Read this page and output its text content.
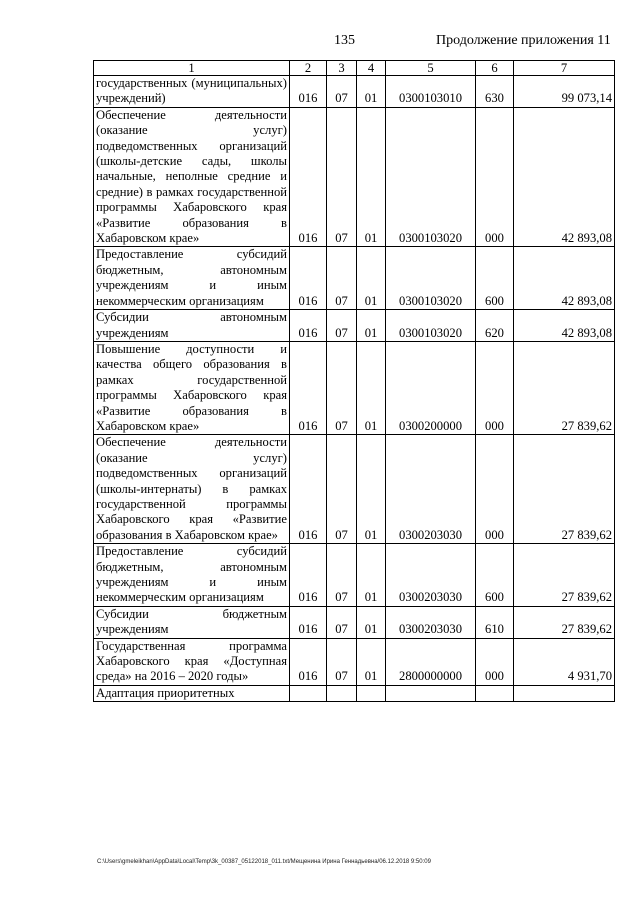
135	Продолжение приложения 11
1	2	3	4	5	6	7
государственных (муниципальных) учреждений)	016	07	01	0300103010	630	99 073,14
Обеспечение деятельности (оказание услуг) подведомственных организаций (школы-детские сады, школы начальные, неполные средние и средние) в рамках государственной программы Хабаровского края «Развитие образования в Хабаровском крае»	016	07	01	0300103020	000	42 893,08
Предоставление субсидий бюджетным, автономным учреждениям и иным некоммерческим организациям	016	07	01	0300103020	600	42 893,08
Субсидии автономным учреждениям	016	07	01	0300103020	620	42 893,08
Повышение доступности и качества общего образования в рамках государственной программы Хабаровского края «Развитие образования в Хабаровском крае»	016	07	01	0300200000	000	27 839,62
Обеспечение деятельности (оказание услуг) подведомственных организаций (школы-интернаты) в рамках государственной программы Хабаровского края «Развитие образования в Хабаровском крае»	016	07	01	0300203030	000	27 839,62
Предоставление субсидий бюджетным, автономным учреждениям и иным некоммерческим организациям	016	07	01	0300203030	600	27 839,62
Субсидии бюджетным учреждениям	016	07	01	0300203030	610	27 839,62
Государственная программа Хабаровского края «Доступная среда» на 2016 – 2020 годы»	016	07	01	2800000000	000	4 931,70
Адаптация приоритетных						
C:\Users\gmeleikhan\AppData\Local\Temp\3k_00387_05122018_011.txt/Мещенина Ирина Геннадьевна/06.12.2018 9:50:09
